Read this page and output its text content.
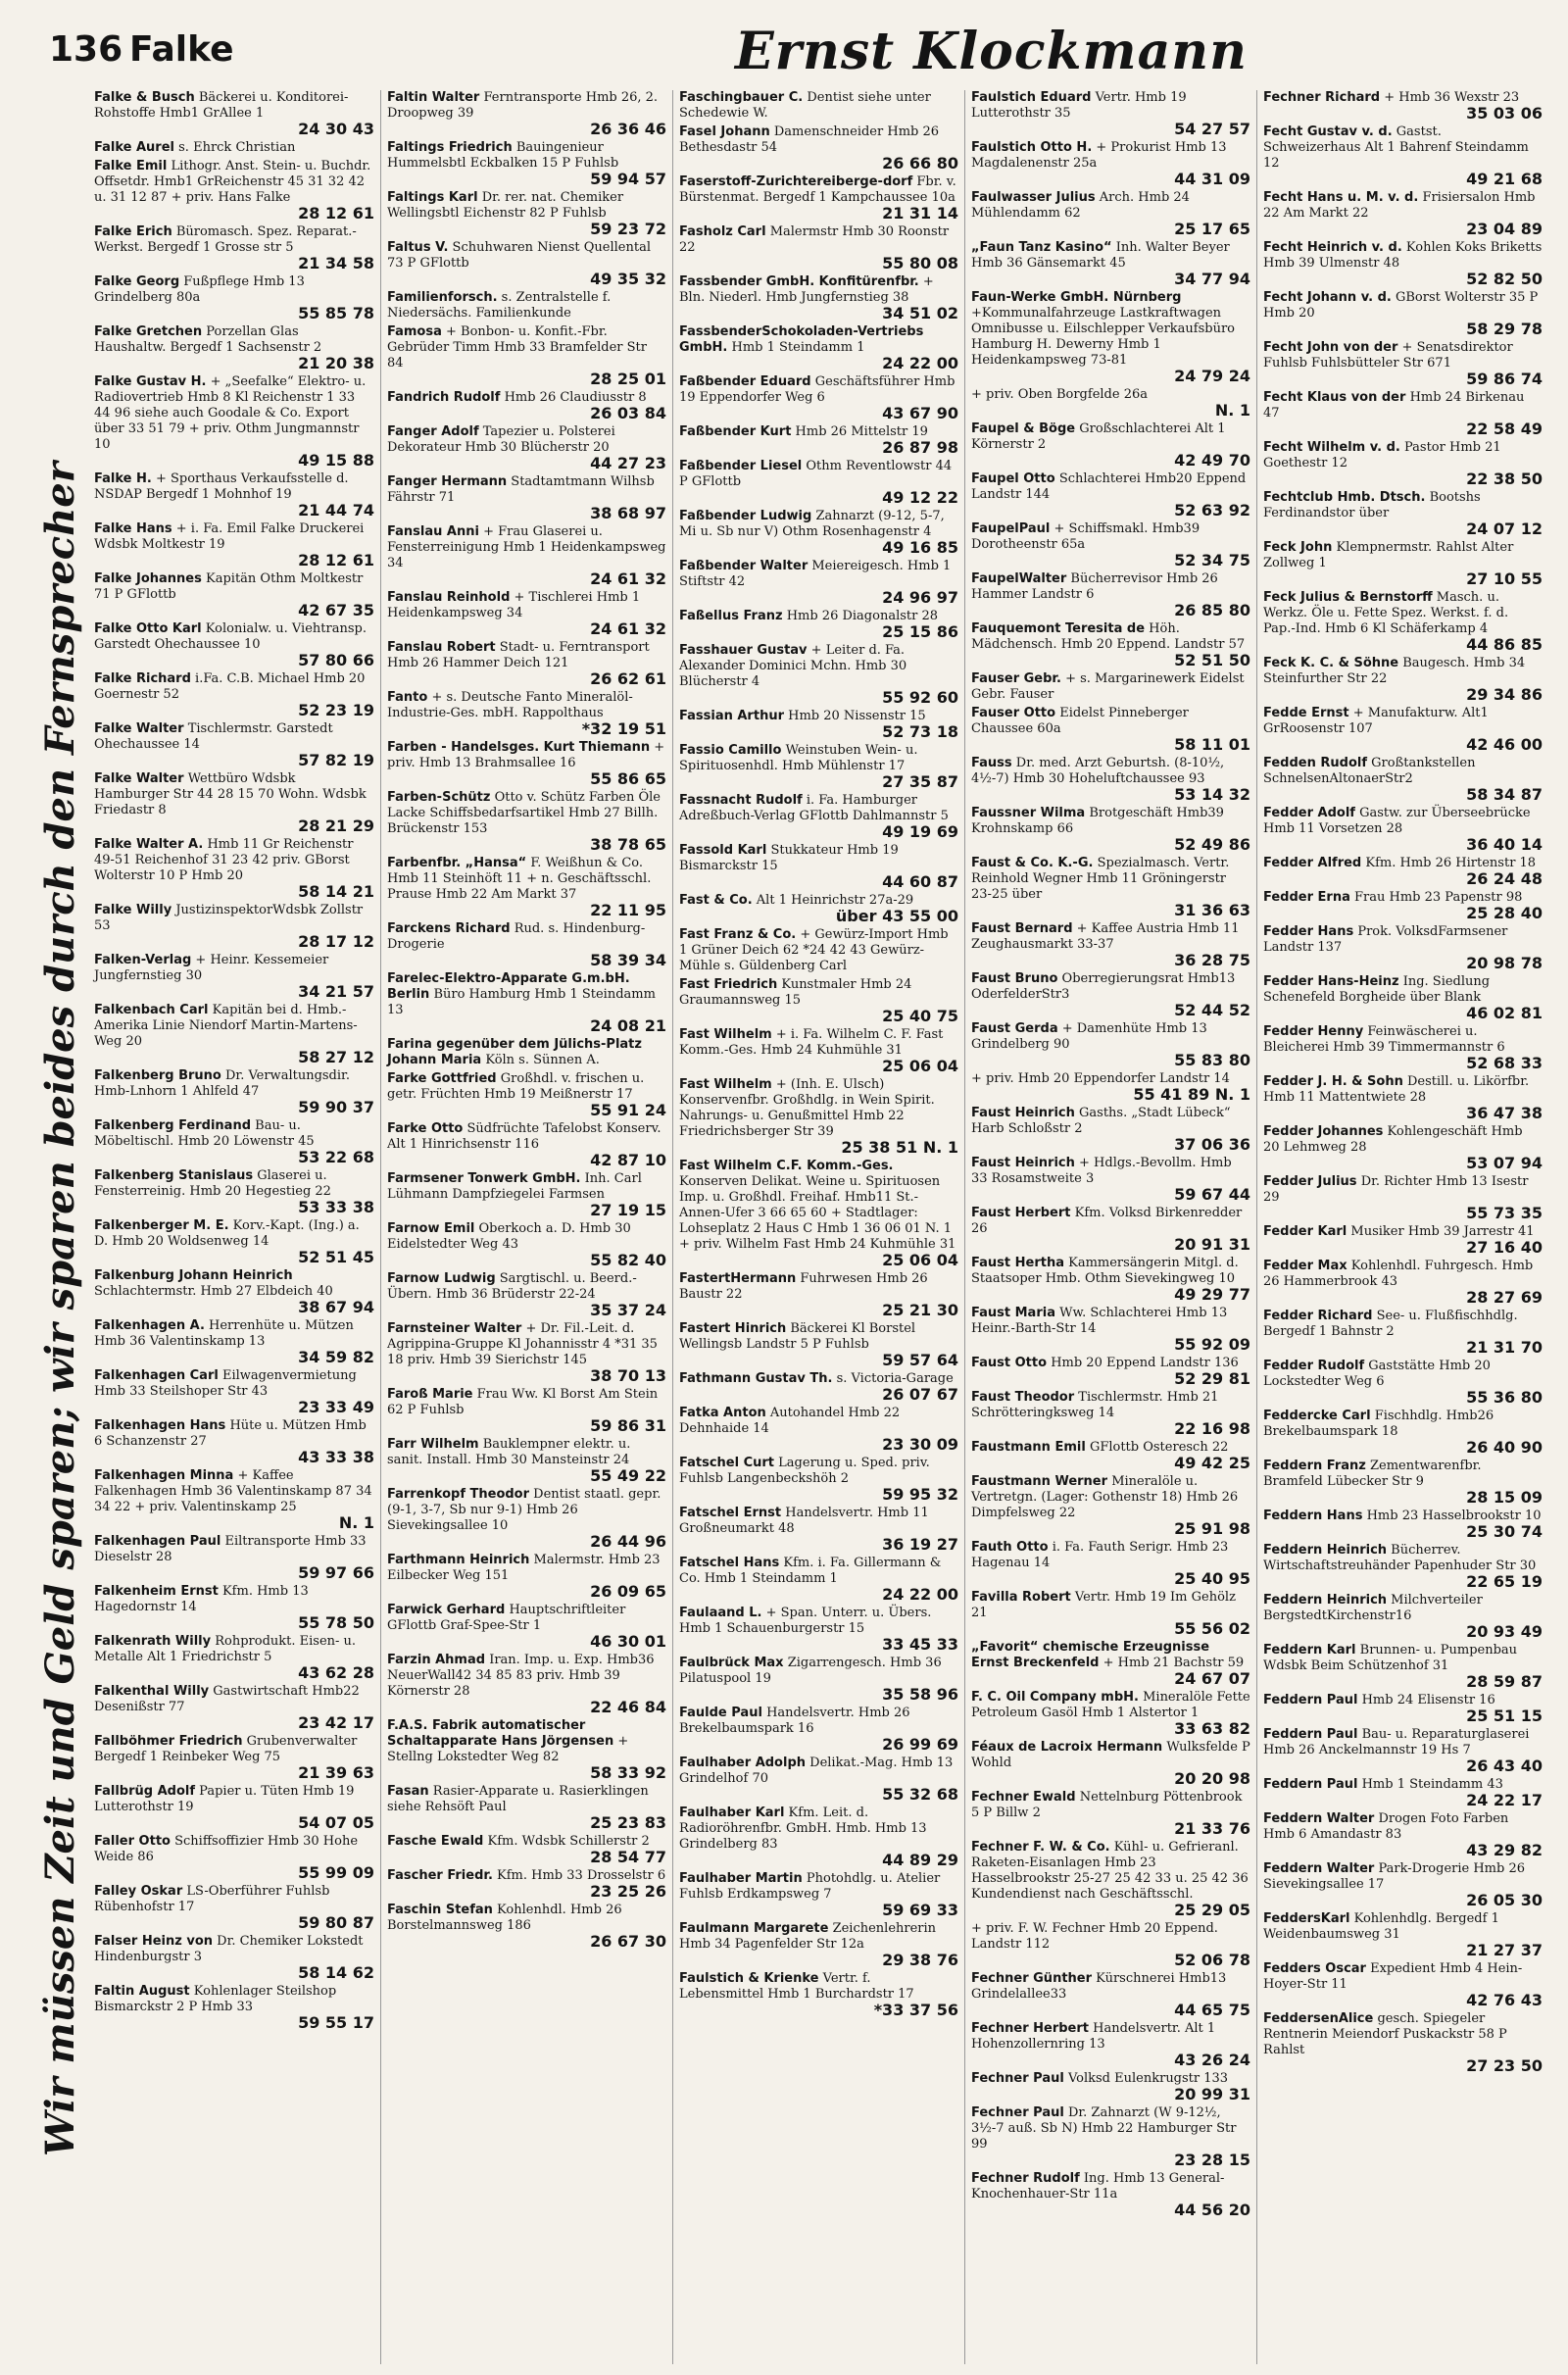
136 Falke	Ernst Klockmann
Wir müssen Zeit und Geld sparen; wir sparen beides durch den Fernsprecher
Falke & Busch Bäckerei u. Konditorei-Rohstoffe Hmb1 GrAllee 1
24 30 43
Falke Aurel s. Ehrck Christian
Falke Emil Lithogr. Anst. Stein- u. Buchdr. Offsetdr. Hmb1 GrReichenstr 45 31 32 42 u. 31 12 87 + priv. Hans Falke
28 12 61
Falke Erich Büromasch. Spez. Reparat.-Werkst. Bergedf 1 Grosse str 5
21 34 58
Falke Georg Fußpflege Hmb 13 Grindelberg 80a
55 85 78
Falke Gretchen Porzellan Glas Haushaltw. Bergedf 1 Sachsenstr 2
21 20 38
Falke Gustav H. + „Seefalke“ Elektro- u. Radiovertrieb Hmb 8 Kl Reichenstr 1 33 44 96 siehe auch Goodale & Co. Export über 33 51 79 + priv. Othm Jungmannstr 10
49 15 88
Falke H. + Sporthaus Verkaufsstelle d. NSDAP Bergedf 1 Mohnhof 19
21 44 74
Falke Hans + i. Fa. Emil Falke Druckerei Wdsbk Moltkestr 19
28 12 61
Falke Johannes Kapitän Othm Moltkestr 71 P GFlottb
42 67 35
Falke Otto Karl Kolonialw. u. Viehtransp. Garstedt Ohechaussee 10
57 80 66
Falke Richard i.Fa. C.B. Michael Hmb 20 Goernestr 52
52 23 19
Falke Walter Tischlermstr. Garstedt Ohechaussee 14
57 82 19
Falke Walter Wettbüro Wdsbk Hamburger Str 44 28 15 70 Wohn. Wdsbk Friedastr 8
28 21 29
Falke Walter A. Hmb 11 Gr Reichenstr 49-51 Reichenhof 31 23 42 priv. GBorst Wolterstr 10 P Hmb 20
58 14 21
Falke Willy JustizinspektorWdsbk Zollstr 53
28 17 12
Falken-Verlag + Heinr. Kessemeier Jungfernstieg 30
34 21 57
Falkenbach Carl Kapitän bei d. Hmb.-Amerika Linie Niendorf Martin-Martens-Weg 20
58 27 12
Falkenberg Bruno Dr. Verwaltungsdir. Hmb-Lnhorn 1 Ahlfeld 47
59 90 37
Falkenberg Ferdinand Bau- u. Möbeltischl. Hmb 20 Löwenstr 45
53 22 68
Falkenberg Stanislaus Glaserei u. Fensterreinig. Hmb 20 Hegestieg 22
53 33 38
Falkenberger M. E. Korv.-Kapt. (Ing.) a. D. Hmb 20 Woldsenweg 14
52 51 45
Falkenburg Johann Heinrich Schlachtermstr. Hmb 27 Elbdeich 40
38 67 94
Falkenhagen A. Herrenhüte u. Mützen Hmb 36 Valentinskamp 13
34 59 82
Falkenhagen Carl Eilwagenvermietung Hmb 33 Steilshoper Str 43
23 33 49
Falkenhagen Hans Hüte u. Mützen Hmb 6 Schanzenstr 27
43 33 38
Falkenhagen Minna + Kaffee Falkenhagen Hmb 36 Valentinskamp 87 34 34 22 + priv. Valentinskamp 25
N. 1
Falkenhagen Paul Eiltransporte Hmb 33 Dieselstr 28
59 97 66
Falkenheim Ernst Kfm. Hmb 13 Hagedornstr 14
55 78 50
Falkenrath Willy Rohprodukt. Eisen- u. Metalle Alt 1 Friedrichstr 5
43 62 28
Falkenthal Willy Gastwirtschaft Hmb22 Desenißstr 77
23 42 17
Fallböhmer Friedrich Grubenverwalter Bergedf 1 Reinbeker Weg 75
21 39 63
Fallbrüg Adolf Papier u. Tüten Hmb 19 Lutterothstr 19
54 07 05
Faller Otto Schiffsoffizier Hmb 30 Hohe Weide 86
55 99 09
Falley Oskar LS-Oberführer Fuhlsb Rübenhofstr 17
59 80 87
Falser Heinz von Dr. Chemiker Lokstedt Hindenburgstr 3
58 14 62
Faltin August Kohlenlager Steilshop Bismarckstr 2 P Hmb 33
59 55 17
Faltin Walter Ferntransporte Hmb 26, 2. Droopweg 39
26 36 46
Faltings Friedrich Bauingenieur Hummelsbtl Eckbalken 15 P Fuhlsb
59 94 57
Faltings Karl Dr. rer. nat. Chemiker Wellingsbtl Eichenstr 82 P Fuhlsb
59 23 72
Faltus V. Schuhwaren Nienst Quellental 73 P GFlottb
49 35 32
Familienforsch. s. Zentralstelle f. Niedersächs. Familienkunde
Famosa + Bonbon- u. Konfit.-Fbr. Gebrüder Timm Hmb 33 Bramfelder Str 84
28 25 01
Fandrich Rudolf Hmb 26 Claudiusstr 8
26 03 84
Fanger Adolf Tapezier u. Polsterei Dekorateur Hmb 30 Blücherstr 20
44 27 23
Fanger Hermann Stadtamtmann Wilhsb Fährstr 71
38 68 97
Fanslau Anni + Frau Glaserei u. Fensterreinigung Hmb 1 Heidenkampsweg 34
24 61 32
Fanslau Reinhold + Tischlerei Hmb 1 Heidenkampsweg 34
24 61 32
Fanslau Robert Stadt- u. Ferntransport Hmb 26 Hammer Deich 121
26 62 61
Fanto + s. Deutsche Fanto Mineralöl-Industrie-Ges. mbH. Rappolthaus
*32 19 51
Farben - Handelsges. Kurt Thiemann + priv. Hmb 13 Brahmsallee 16
55 86 65
Farben-Schütz Otto v. Schütz Farben Öle Lacke Schiffsbedarfsartikel Hmb 27 Billh. Brückenstr 153
38 78 65
Farbenfbr. „Hansa“ F. Weißhun & Co. Hmb 11 Steinhöft 11 + n. Geschäftsschl. Prause Hmb 22 Am Markt 37
22 11 95
Farckens Richard Rud. s. Hindenburg-Drogerie
58 39 34
Farelec-Elektro-Apparate G.m.bH. Berlin Büro Hamburg Hmb 1 Steindamm 13
24 08 21
Farina gegenüber dem Jülichs-Platz Johann Maria Köln s. Sünnen A.
Farke Gottfried Großhdl. v. frischen u. getr. Früchten Hmb 19 Meißnerstr 17
55 91 24
Farke Otto Südfrüchte Tafelobst Konserv. Alt 1 Hinrichsenstr 116
42 87 10
Farmsener Tonwerk GmbH. Inh. Carl Lühmann Dampfziegelei Farmsen
27 19 15
Farnow Emil Oberkoch a. D. Hmb 30 Eidelstedter Weg 43
55 82 40
Farnow Ludwig Sargtischl. u. Beerd.-Übern. Hmb 36 Brüderstr 22-24
35 37 24
Farnsteiner Walter + Dr. Fil.-Leit. d. Agrippina-Gruppe Kl Johannisstr 4 *31 35 18 priv. Hmb 39 Sierichstr 145
38 70 13
Faroß Marie Frau Ww. Kl Borst Am Stein 62 P Fuhlsb
59 86 31
Farr Wilhelm Bauklempner elektr. u. sanit. Install. Hmb 30 Mansteinstr 24
55 49 22
Farrenkopf Theodor Dentist staatl. gepr. (9-1, 3-7, Sb nur 9-1) Hmb 26 Sievekingsallee 10
26 44 96
Farthmann Heinrich Malermstr. Hmb 23 Eilbecker Weg 151
26 09 65
Farwick Gerhard Hauptschriftleiter GFlottb Graf-Spee-Str 1
46 30 01
Farzin Ahmad Iran. Imp. u. Exp. Hmb36 NeuerWall42 34 85 83 priv. Hmb 39 Körnerstr 28
22 46 84
F.A.S. Fabrik automatischer Schaltapparate Hans Jörgensen + Stellng Lokstedter Weg 82
58 33 92
Fasan Rasier-Apparate u. Rasierklingen siehe Rehsöft Paul
25 23 83
Fasche Ewald Kfm. Wdsbk Schillerstr 2
28 54 77
Fascher Friedr. Kfm. Hmb 33 Drosselstr 6
23 25 26
Faschin Stefan Kohlenhdl. Hmb 26 Borstelmannsweg 186
26 67 30
Faschingbauer C. Dentist siehe unter Schedewie W.
Fasel Johann Damenschneider Hmb 26 Bethesdastr 54
26 66 80
Faserstoff-Zurichtereiberge-dorf Fbr. v. Bürstenmat. Bergedf 1 Kampchaussee 10a
21 31 14
Fasholz Carl Malermstr Hmb 30 Roonstr 22
55 80 08
Fassbender GmbH. Konfitürenfbr. + Bln. Niederl. Hmb Jungfernstieg 38
34 51 02
FassbenderSchokoladen-Vertriebs GmbH. Hmb 1 Steindamm 1
24 22 00
Faßbender Eduard Geschäftsführer Hmb 19 Eppendorfer Weg 6
43 67 90
Faßbender Kurt Hmb 26 Mittelstr 19
26 87 98
Faßbender Liesel Othm Reventlowstr 44 P GFlottb
49 12 22
Faßbender Ludwig Zahnarzt (9-12, 5-7, Mi u. Sb nur V) Othm Rosenhagenstr 4
49 16 85
Faßbender Walter Meiereigesch. Hmb 1 Stiftstr 42
24 96 97
Faßellus Franz Hmb 26 Diagonalstr 28
25 15 86
Fasshauer Gustav + Leiter d. Fa. Alexander Dominici Mchn. Hmb 30 Blücherstr 4
55 92 60
Fassian Arthur Hmb 20 Nissenstr 15
52 73 18
Fassio Camillo Weinstuben Wein- u. Spirituosenhdl. Hmb Mühlenstr 17
27 35 87
Fassnacht Rudolf i. Fa. Hamburger Adreßbuch-Verlag GFlottb Dahlmannstr 5
49 19 69
Fassold Karl Stukkateur Hmb 19 Bismarckstr 15
44 60 87
Fast & Co. Alt 1 Heinrichstr 27a-29
über 43 55 00
Fast Franz & Co. + Gewürz-Import Hmb 1 Grüner Deich 62 *24 42 43 Gewürz-Mühle s. Güldenberg Carl
Fast Friedrich Kunstmaler Hmb 24 Graumannsweg 15
25 40 75
Fast Wilhelm + i. Fa. Wilhelm C. F. Fast Komm.-Ges. Hmb 24 Kuhmühle 31
25 06 04
Fast Wilhelm + (Inh. E. Ulsch) Konservenfbr. Großhdlg. in Wein Spirit. Nahrungs- u. Genußmittel Hmb 22 Friedrichsberger Str 39
25 38 51 N. 1
Fast Wilhelm C.F. Komm.-Ges. Konserven Delikat. Weine u. Spirituosen Imp. u. Großhdl. Freihaf. Hmb11 St.-Annen-Ufer 3 66 65 60 + Stadtlager: Lohseplatz 2 Haus C Hmb 1 36 06 01 N. 1 + priv. Wilhelm Fast Hmb 24 Kuhmühle 31
25 06 04
FastertHermann Fuhrwesen Hmb 26 Baustr 22
25 21 30
Fastert Hinrich Bäckerei Kl Borstel Wellingsb Landstr 5 P Fuhlsb
59 57 64
Fathmann Gustav Th. s. Victoria-Garage
26 07 67
Fatka Anton Autohandel Hmb 22 Dehnhaide 14
23 30 09
Fatschel Curt Lagerung u. Sped. priv. Fuhlsb Langenbeckshöh 2
59 95 32
Fatschel Ernst Handelsvertr. Hmb 11 Großneumarkt 48
36 19 27
Fatschel Hans Kfm. i. Fa. Gillermann & Co. Hmb 1 Steindamm 1
24 22 00
Faulaand L. + Span. Unterr. u. Übers. Hmb 1 Schauenburgerstr 15
33 45 33
Faulbrück Max Zigarrengesch. Hmb 36 Pilatuspool 19
35 58 96
Faulde Paul Handelsvertr. Hmb 26 Brekelbaumspark 16
26 99 69
Faulhaber Adolph Delikat.-Mag. Hmb 13 Grindelhof 70
55 32 68
Faulhaber Karl Kfm. Leit. d. Radioröhrenfbr. GmbH. Hmb. Hmb 13 Grindelberg 83
44 89 29
Faulhaber Martin Photohdlg. u. Atelier Fuhlsb Erdkampsweg 7
59 69 33
Faulmann Margarete Zeichenlehrerin Hmb 34 Pagenfelder Str 12a
29 38 76
Faulstich & Krienke Vertr. f. Lebensmittel Hmb 1 Burchardstr 17
*33 37 56
Faulstich Eduard Vertr. Hmb 19 Lutterothstr 35
54 27 57
Faulstich Otto H. + Prokurist Hmb 13 Magdalenenstr 25a
44 31 09
Faulwasser Julius Arch. Hmb 24 Mühlendamm 62
25 17 65
„Faun Tanz Kasino“ Inh. Walter Beyer Hmb 36 Gänsemarkt 45
34 77 94
Faun-Werke GmbH. Nürnberg +Kommunalfahrzeuge Lastkraftwagen Omnibusse u. Eilschlepper Verkaufsbüro Hamburg H. Dewerny Hmb 1 Heidenkampsweg 73-81
24 79 24
+ priv. Oben Borgfelde 26a
N. 1
Faupel & Böge Großschlachterei Alt 1 Körnerstr 2
42 49 70
Faupel Otto Schlachterei Hmb20 Eppend Landstr 144
52 63 92
FaupelPaul + Schiffsmakl. Hmb39 Dorotheenstr 65a
52 34 75
FaupelWalter Bücherrevisor Hmb 26 Hammer Landstr 6
26 85 80
Fauquemont Teresita de Höh. Mädchensch. Hmb 20 Eppend. Landstr 57
52 51 50
Fauser Gebr. + s. Margarinewerk Eidelst Gebr. Fauser
Fauser Otto Eidelst Pinneberger Chaussee 60a
58 11 01
Fauss Dr. med. Arzt Geburtsh. (8-10½, 4½-7) Hmb 30 Hoheluftchaussee 93
53 14 32
Faussner Wilma Brotgeschäft Hmb39 Krohnskamp 66
52 49 86
Faust & Co. K.-G. Spezialmasch. Vertr. Reinhold Wegner Hmb 11 Gröningerstr 23-25 über
31 36 63
Faust Bernard + Kaffee Austria Hmb 11 Zeughausmarkt 33-37
36 28 75
Faust Bruno Oberregierungsrat Hmb13 OderfelderStr3
52 44 52
Faust Gerda + Damenhüte Hmb 13 Grindelberg 90
55 83 80
+ priv. Hmb 20 Eppendorfer Landstr 14
55 41 89 N. 1
Faust Heinrich Gasths. „Stadt Lübeck“ Harb Schloßstr 2
37 06 36
Faust Heinrich + Hdlgs.-Bevollm. Hmb 33 Rosamstweite 3
59 67 44
Faust Herbert Kfm. Volksd Birkenredder 26
20 91 31
Faust Hertha Kammersängerin Mitgl. d. Staatsoper Hmb. Othm Sievekingweg 10
49 29 77
Faust Maria Ww. Schlachterei Hmb 13 Heinr.-Barth-Str 14
55 92 09
Faust Otto Hmb 20 Eppend Landstr 136
52 29 81
Faust Theodor Tischlermstr. Hmb 21 Schrötteringksweg 14
22 16 98
Faustmann Emil GFlottb Osteresch 22
49 42 25
Faustmann Werner Mineralöle u. Vertretgn. (Lager: Gothenstr 18) Hmb 26 Dimpfelsweg 22
25 91 98
Fauth Otto i. Fa. Fauth Serigr. Hmb 23 Hagenau 14
25 40 95
Favilla Robert Vertr. Hmb 19 Im Gehölz 21
55 56 02
„Favorit“ chemische Erzeugnisse Ernst Breckenfeld + Hmb 21 Bachstr 59
24 67 07
F. C. Oil Company mbH. Mineralöle Fette Petroleum Gasöl Hmb 1 Alstertor 1
33 63 82
Féaux de Lacroix Hermann Wulksfelde P Wohld
20 20 98
Fechner Ewald Nettelnburg Pöttenbrook 5 P Billw 2
21 33 76
Fechner F. W. & Co. Kühl- u. Gefrieranl. Raketen-Eisanlagen Hmb 23 Hasselbrookstr 25-27 25 42 33 u. 25 42 36 Kundendienst nach Geschäftsschl.
25 29 05
+ priv. F. W. Fechner Hmb 20 Eppend. Landstr 112
52 06 78
Fechner Günther Kürschnerei Hmb13 Grindelallee33
44 65 75
Fechner Herbert Handelsvertr. Alt 1 Hohenzollernring 13
43 26 24
Fechner Paul Volksd Eulenkrugstr 133
20 99 31
Fechner Paul Dr. Zahnarzt (W 9-12½, 3½-7 auß. Sb N) Hmb 22 Hamburger Str 99
23 28 15
Fechner Rudolf Ing. Hmb 13 General-Knochenhauer-Str 11a
44 56 20
Fechner Richard + Hmb 36 Wexstr 23
35 03 06
Fecht Gustav v. d. Gastst. Schweizerhaus Alt 1 Bahrenf Steindamm 12
49 21 68
Fecht Hans u. M. v. d. Frisiersalon Hmb 22 Am Markt 22
23 04 89
Fecht Heinrich v. d. Kohlen Koks Briketts Hmb 39 Ulmenstr 48
52 82 50
Fecht Johann v. d. GBorst Wolterstr 35 P Hmb 20
58 29 78
Fecht John von der + Senatsdirektor Fuhlsb Fuhlsbütteler Str 671
59 86 74
Fecht Klaus von der Hmb 24 Birkenau 47
22 58 49
Fecht Wilhelm v. d. Pastor Hmb 21 Goethestr 12
22 38 50
Fechtclub Hmb. Dtsch. Bootshs Ferdinandstor über
24 07 12
Feck John Klempnermstr. Rahlst Alter Zollweg 1
27 10 55
Feck Julius & Bernstorff Masch. u. Werkz. Öle u. Fette Spez. Werkst. f. d. Pap.-Ind. Hmb 6 Kl Schäferkamp 4
44 86 85
Feck K. C. & Söhne Baugesch. Hmb 34 Steinfurther Str 22
29 34 86
Fedde Ernst + Manufakturw. Alt1 GrRoosenstr 107
42 46 00
Fedden Rudolf Großtankstellen SchnelsenAltonaerStr2
58 34 87
Fedder Adolf Gastw. zur Überseebrücke Hmb 11 Vorsetzen 28
36 40 14
Fedder Alfred Kfm. Hmb 26 Hirtenstr 18
26 24 48
Fedder Erna Frau Hmb 23 Papenstr 98
25 28 40
Fedder Hans Prok. VolksdFarmsener Landstr 137
20 98 78
Fedder Hans-Heinz Ing. Siedlung Schenefeld Borgheide über Blank
46 02 81
Fedder Henny Feinwäscherei u. Bleicherei Hmb 39 Timmermannstr 6
52 68 33
Fedder J. H. & Sohn Destill. u. Likörfbr. Hmb 11 Mattentwiete 28
36 47 38
Fedder Johannes Kohlengeschäft Hmb 20 Lehmweg 28
53 07 94
Fedder Julius Dr. Richter Hmb 13 Isestr 29
55 73 35
Fedder Karl Musiker Hmb 39 Jarrestr 41
27 16 40
Fedder Max Kohlenhdl. Fuhrgesch. Hmb 26 Hammerbrook 43
28 27 69
Fedder Richard See- u. Flußfischhdlg. Bergedf 1 Bahnstr 2
21 31 70
Fedder Rudolf Gaststätte Hmb 20 Lockstedter Weg 6
55 36 80
Feddercke Carl Fischhdlg. Hmb26 Brekelbaumspark 18
26 40 90
Feddern Franz Zementwarenfbr. Bramfeld Lübecker Str 9
28 15 09
Feddern Hans Hmb 23 Hasselbrookstr 10
25 30 74
Feddern Heinrich Bücherrev. Wirtschaftstreuhänder Papenhuder Str 30
22 65 19
Feddern Heinrich Milchverteiler BergstedtKirchenstr16
20 93 49
Feddern Karl Brunnen- u. Pumpenbau Wdsbk Beim Schützenhof 31
28 59 87
Feddern Paul Hmb 24 Elisenstr 16
25 51 15
Feddern Paul Bau- u. Reparaturglaserei Hmb 26 Anckelmannstr 19 Hs 7
26 43 40
Feddern Paul Hmb 1 Steindamm 43
24 22 17
Feddern Walter Drogen Foto Farben Hmb 6 Amandastr 83
43 29 82
Feddern Walter Park-Drogerie Hmb 26 Sievekingsallee 17
26 05 30
FeddersKarl Kohlenhdlg. Bergedf 1 Weidenbaumsweg 31
21 27 37
Fedders Oscar Expedient Hmb 4 Hein-Hoyer-Str 11
42 76 43
FeddersenAlice gesch. Spiegeler Rentnerin Meiendorf Puskackstr 58 P Rahlst
27 23 50
